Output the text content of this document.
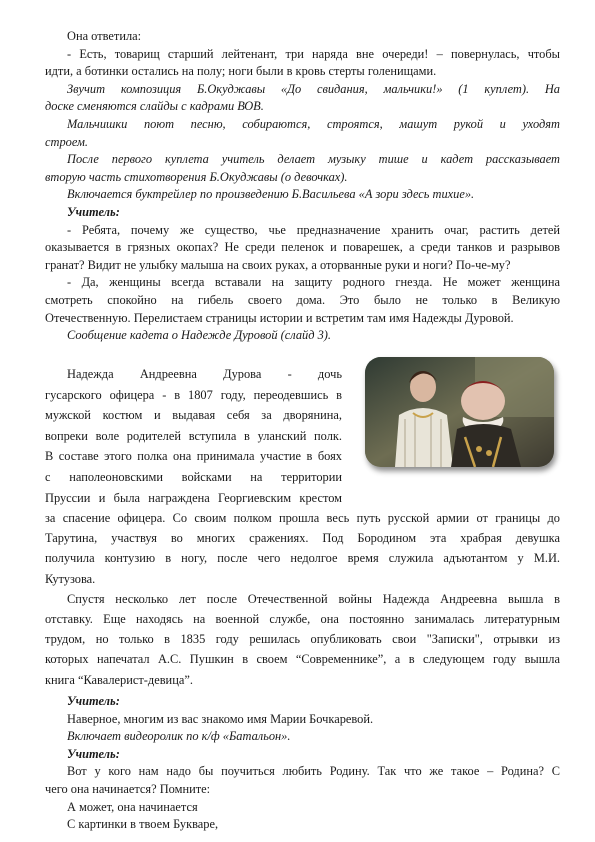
Она ответила:
- Есть, товарищ старший лейтенант, три наряда вне очереди! – повернулась, чтобы
идти, а ботинки остались на полу; ноги были в кровь стерты голенищами.
Звучит композиция Б.Окуджавы «До свидания, мальчики!» (1 куплет). На
доске сменяются слайды с кадрами ВОВ.
Мальчишки поют песню, собираются, строятся, машут рукой и уходят
строем.
После первого куплета учитель делает музыку тише и кадет рассказывает
вторую часть стихотворения Б.Окуджавы (о девочках).
Включается буктрейлер по произведению Б.Васильева «А зори здесь тихие».
Учитель:
- Ребята, почему же существо, чье предназначение хранить очаг, растить детей
оказывается в грязных окопах? Не среди пеленок и поварешек, а среди танков и разрывов
гранат? Видит не улыбку малыша на своих руках, а оторванные руки и ноги? По-че-му?
- Да, женщины всегда вставали на защиту родного гнезда. Не может женщина
смотреть спокойно на гибель своего дома. Это было не только в Великую
Отечественную. Перелистаем страницы истории и встретим там имя Надежды Дуровой.
Сообщение кадета о Надежде Дуровой (слайд 3).
Надежда Андреевна Дурова - дочь
гусарского офицера - в 1807 году, переодевшись в
мужской костюм и выдавая себя за дворянина,
вопреки воле родителей вступила в уланский полк.
В составе этого полка она принимала участие в боях
с наполеоновскими войсками на территории
Пруссии и была награждена Георгиевским крестом
за спасение офицера. Со своим полком прошла весь путь русской армии от границы до
Тарутина, участвуя во многих сражениях. Под Бородином эта храбрая девушка
получила контузию в ногу, после чего недолгое время служила адъютантом у М.И.
Кутузова.
Спустя несколько лет после Отечественной войны Надежда Андреевна вышла в
отставку. Еще находясь на военной службе, она постоянно занималась литературным
трудом, но только в 1835 году решилась опубликовать свои "Записки", отрывки из
которых напечатал А.С. Пушкин в своем “Современнике”, а в следующем году вышла
книга “Кавалерист-девица”.
Учитель:
Наверное, многим из вас знакомо имя Марии Бочкаревой.
Включает видеоролик по к/ф «Батальон».
Учитель:
Вот у кого нам надо бы поучиться любить Родину. Так что же такое – Родина? С
чего она начинается? Помните:
А может, она начинается
С картинки в твоем Букваре,
